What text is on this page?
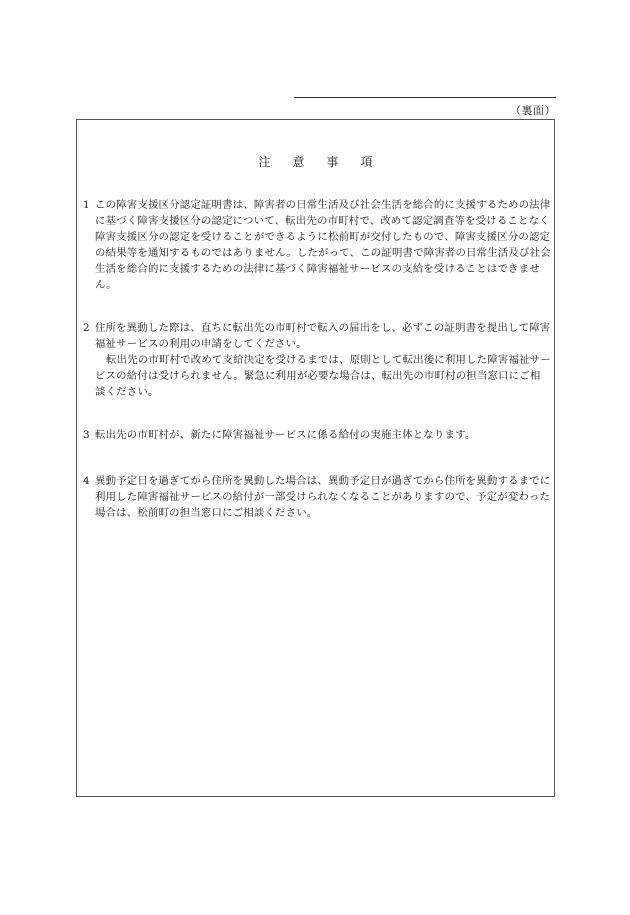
（裏面）
注意事項

1 この障害支援区分認定証明書は、障害者の日常生活及び社会生活を総合的に支援するための法律に基づく障害支援区分の認定について、転出先の市町村で、改めて認定調査等を受けることなく障害支援区分の認定を受けることができるように松前町が交付したもので、障害支援区分の認定の結果等を通知するものではありません。したがって、この証明書で障害者の日常生活及び社会生活を総合的に支援するための法律に基づく障害福祉サービスの支給を受けることはできません。

2 住所を異動した際は、直ちに転出先の市町村で転入の届出をし、必ずこの証明書を提出して障害福祉サービスの利用の申請をしてください。

転出先の市町村で改めて支給決定を受けるまでは、原則として転出後に利用した障害福祉サービスの給付は受けられません。緊急に利用が必要な場合は、転出先の市町村の担当窓口にご相談ください。

3 転出先の市町村が、新たに障害福祉サービスに係る給付の実施主体となります。

4 異動予定日を過ぎてから住所を異動した場合は、異動予定日が過ぎてから住所を異動するまでに利用した障害福祉サービスの給付が一部受けられなくなることがありますので、予定が変わった場合は、松前町の担当窓口にご相談ください。
